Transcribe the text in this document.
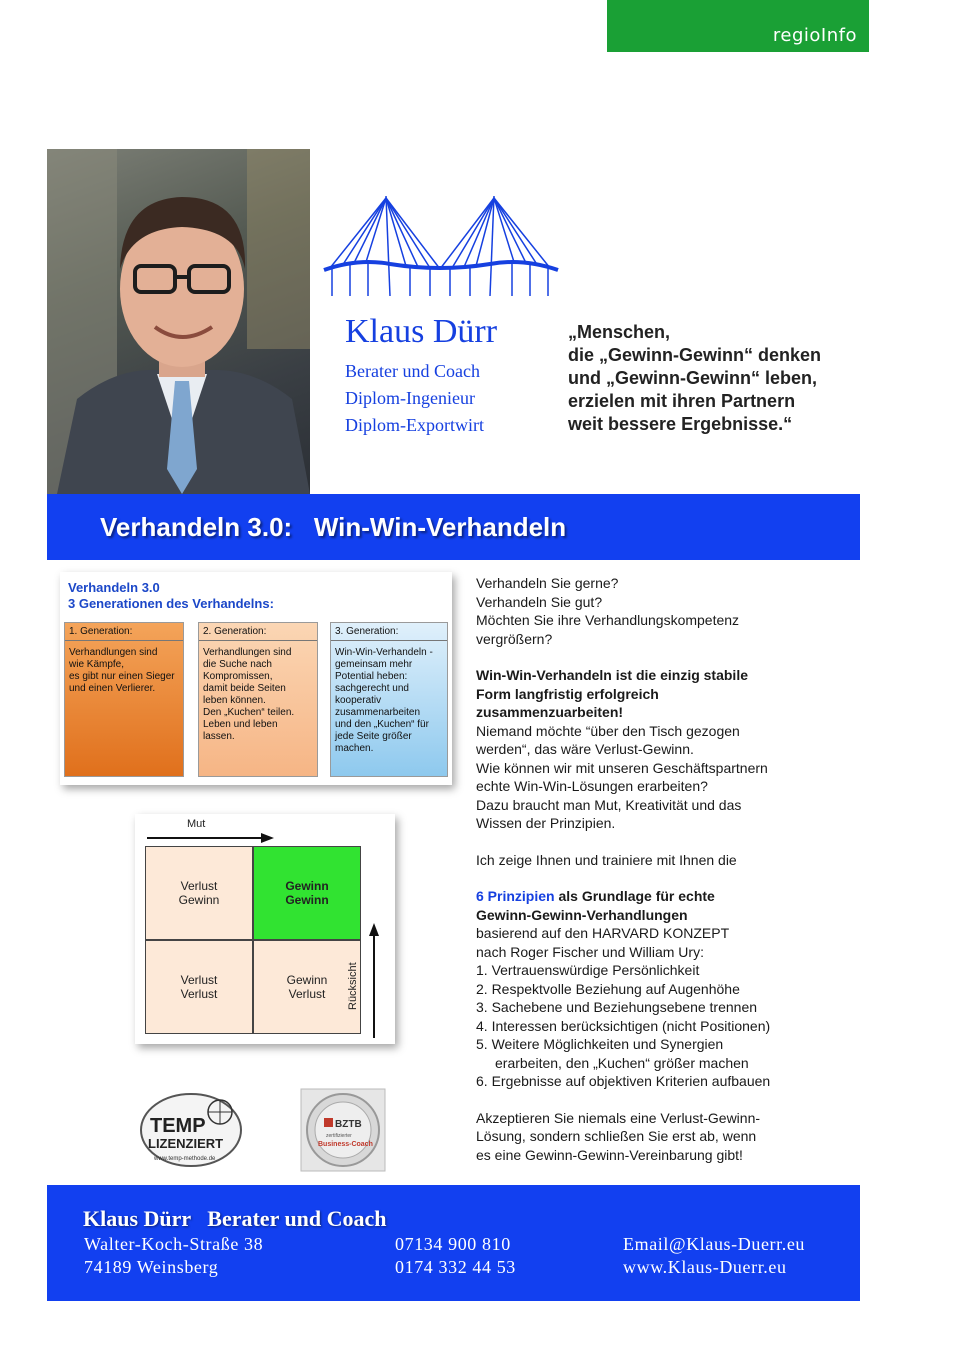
regioInfo
Klaus Dürr
Berater und Coach
Diplom-Ingenieur
Diplom-Exportwirt
„Menschen,
die „Gewinn-Gewinn“ denken
und „Gewinn-Gewinn“ leben,
erzielen mit ihren Partnern
weit bessere Ergebnisse.“
Verhandeln 3.0:   Win-Win-Verhandeln
Verhandeln 3.0
3 Generationen des Verhandelns:
1. Generation:
Verhandlungen sind
wie Kämpfe,
es gibt nur einen Sieger
und einen Verlierer.
2. Generation:
Verhandlungen sind
die Suche nach
Kompromissen,
damit beide Seiten
leben können.
Den „Kuchen“ teilen.
Leben und leben
lassen.
3. Generation:
Win-Win-Verhandeln -
gemeinsam mehr
Potential heben:
sachgerecht und
kooperativ
zusammenarbeiten
und den „Kuchen“ für
jede Seite größer
machen.
Mut
Verlust
Gewinn
Gewinn
Gewinn
Verlust
Verlust
Gewinn
Verlust Rücksicht
TEMP
LIZENZIERT
www.temp-methode.de
BZTB
zertifizierter
Business-Coach

Verhandeln Sie gerne?

Verhandeln Sie gut?

Möchten Sie ihre Verhandlungskompetenz

vergrößern?

Win-Win-Verhandeln ist die einzig stabile

Form langfristig erfolgreich

zusammenzuarbeiten!

Niemand möchte “über den Tisch gezogen

werden“, das wäre Verlust-Gewinn.

Wie können wir mit unseren Geschäftspartnern

echte Win-Win-Lösungen erarbeiten?

Dazu braucht man Mut, Kreativität und das

Wissen der Prinzipien.

Ich zeige Ihnen und trainiere mit Ihnen die

6 Prinzipien als Grundlage für echte

Gewinn-Gewinn-Verhandlungen

basierend auf den HARVARD KONZEPT

nach Roger Fischer und William Ury:

1. Vertrauenswürdige Persönlichkeit

2. Respektvolle Beziehung auf Augenhöhe

3. Sachebene und Beziehungsebene trennen

4. Interessen berücksichtigen (nicht Positionen)

5. Weitere Möglichkeiten und Synergien

erarbeiten, den „Kuchen“ größer machen

6. Ergebnisse auf objektiven Kriterien aufbauen

Akzeptieren Sie niemals eine Verlust-Gewinn-

Lösung, sondern schließen Sie erst ab, wenn

es eine Gewinn-Gewinn-Vereinbarung gibt!

Klaus Dürr   Berater und Coach
Walter-Koch-Straße 38
74189 Weinsberg
07134 900 810
0174 332 44 53
Email@Klaus-Duerr.eu
www.Klaus-Duerr.eu
